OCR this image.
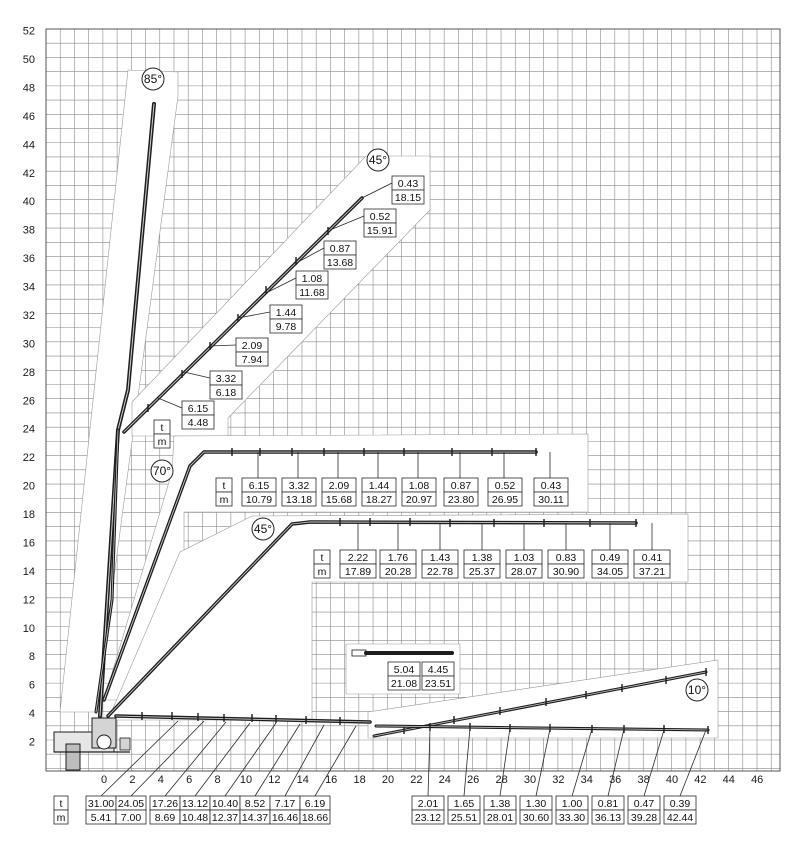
85°
45°
70°
45°
10°
0.43
18.15
0.52
15.91
0.87
13.68
1.08
11.68
1.44
9.78
2.09
7.94
3.32
6.18
6.15
4.48
t
m
t
m
6.15
10.79
3.32
13.18
2.09
15.68
1.44
18.27
1.08
20.97
0.87
23.80
0.52
26.95
0.43
30.11
t
m
2.22
17.89
1.76
20.28
1.43
22.78
1.38
25.37
1.03
28.07
0.83
30.90
0.49
34.05
0.41
37.21
5.04
21.08
4.45
23.51
t
m
31.00
5.41
24.05
7.00
17.26
8.69
13.12
10.48
10.40
12.37
8.52
14.37
7.17
16.46
6.19
18.66
2.01
23.12
1.65
25.51
1.38
28.01
1.30
30.60
1.00
33.30
0.81
36.13
0.47
39.28
0.39
42.44
52
50
48
46
44
42
40
38
36
34
32
30
28
26
24
22
20
18
16
14
12
10
8
6
4
2
0 2 4 6 8 10 12 14 16 18 20 22 24 26 28 30 32 34 36 38 40 42 44 46
